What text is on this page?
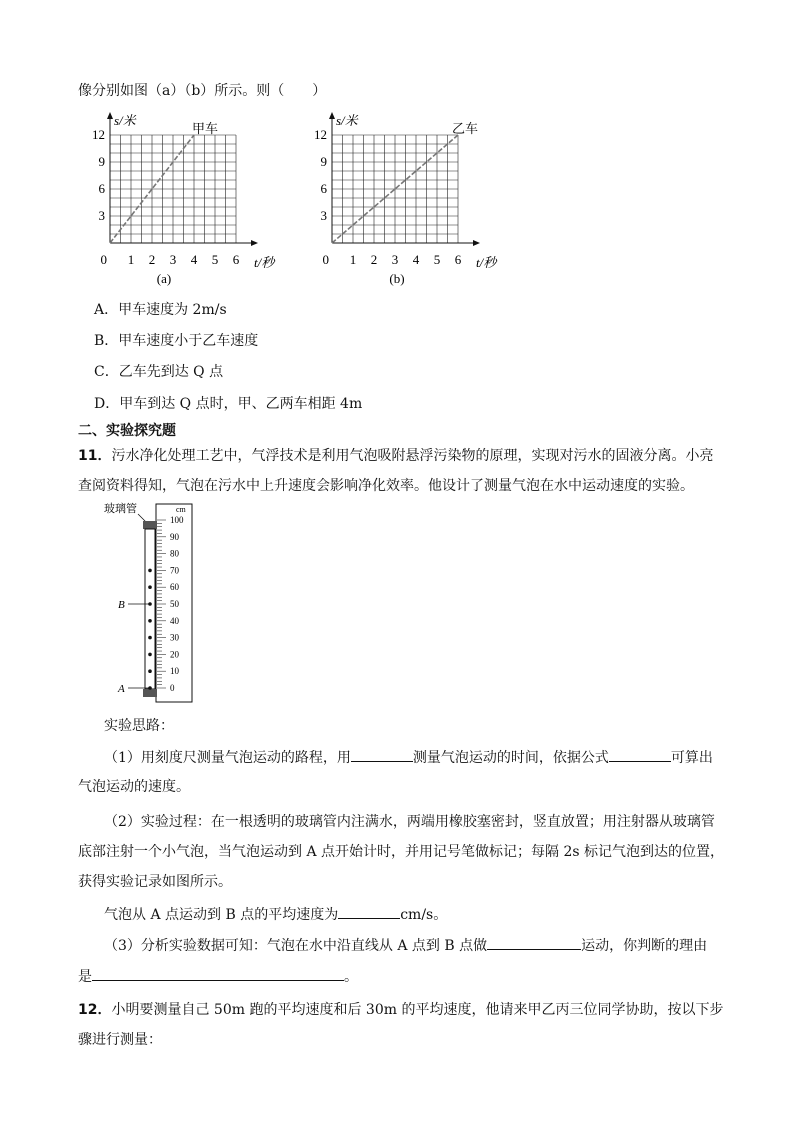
像分别如图（a）（b）所示。则（　　）
12
9
6
3
0 1 2 3 4 5 6
s/米
t/秒
甲车
(a)
12
9
6
3
0 1 2 3 4 5 6
s/米
t/秒
乙车
(b)
A．甲车速度为 2m/s
B．甲车速度小于乙车速度
C．乙车先到达 Q 点
D．甲车到达 Q 点时，甲、乙两车相距 4m
二、实验探究题
11．污水净化处理工艺中，气浮技术是利用气泡吸附悬浮污染物的原理，实现对污水的固液分离。小亮
查阅资料得知，气泡在污水中上升速度会影响净化效率。他设计了测量气泡在水中运动速度的实验。
玻璃管	cm
100
90
80
70
60
50
40
30
20
10
0
B
A
实验思路：
（1）用刻度尺测量气泡运动的路程，用	测量气泡运动的时间，依据公式	可算出
气泡运动的速度。
（2）实验过程：在一根透明的玻璃管内注满水，两端用橡胶塞密封，竖直放置；用注射器从玻璃管
底部注射一个小气泡，当气泡运动到 A 点开始计时，并用记号笔做标记；每隔 2s 标记气泡到达的位置，
获得实验记录如图所示。
气泡从 A 点运动到 B 点的平均速度为	cm/s。
（3）分析实验数据可知：气泡在水中沿直线从 A 点到 B 点做	运动，你判断的理由
是	。
12．小明要测量自己 50m 跑的平均速度和后 30m 的平均速度，他请来甲乙丙三位同学协助，按以下步
骤进行测量：
